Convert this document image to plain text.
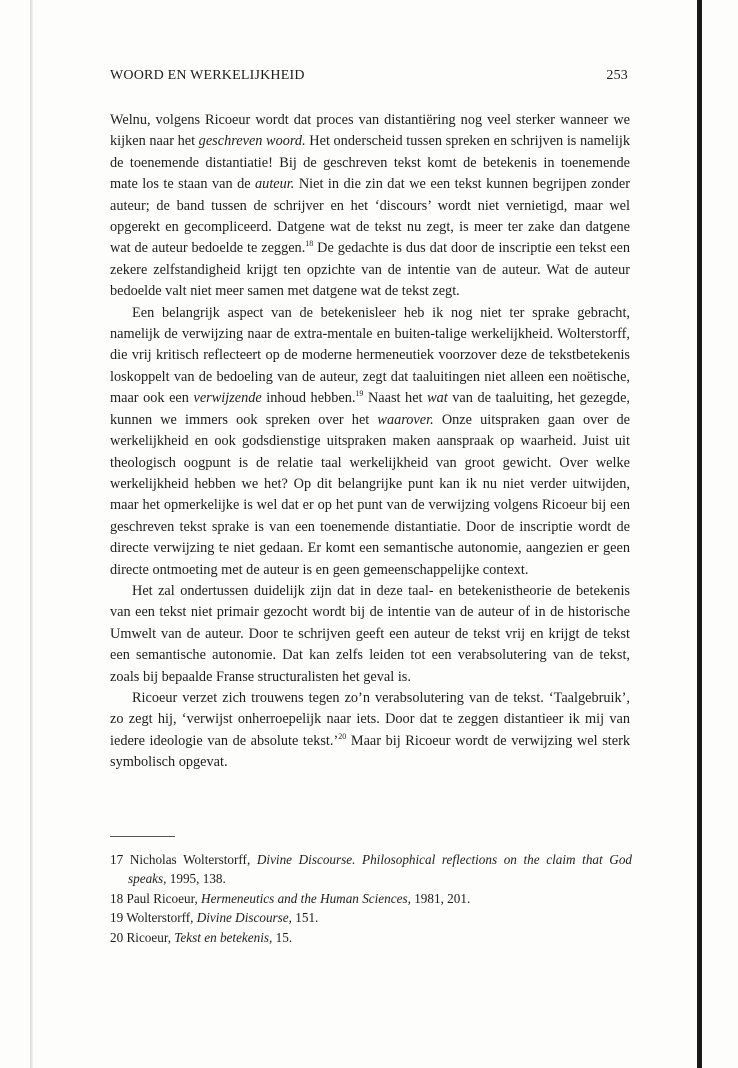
WOORD EN WERKELIJKHEID	253

Welnu, volgens Ricoeur wordt dat proces van distantiëring nog veel sterker wanneer we kijken naar het geschreven woord. Het onderscheid tussen spreken en schrijven is namelijk de toenemende distantiatie! Bij de geschreven tekst komt de betekenis in toenemende mate los te staan van de auteur. Niet in die zin dat we een tekst kunnen begrijpen zonder auteur; de band tussen de schrijver en het ‘discours’ wordt niet vernietigd, maar wel opgerekt en gecompliceerd. Datgene wat de tekst nu zegt, is meer ter zake dan datgene wat de auteur bedoelde te zeggen.$^{18}$ De gedachte is dus dat door de inscriptie een tekst een zekere zelfstandigheid krijgt ten opzichte van de intentie van de auteur. Wat de auteur bedoelde valt niet meer samen met datgene wat de tekst zegt.

Een belangrijk aspect van de betekenisleer heb ik nog niet ter sprake gebracht, namelijk de verwijzing naar de extra-mentale en buiten-talige werkelijkheid. Wolterstorff, die vrij kritisch reflecteert op de moderne hermeneutiek voorzover deze de tekstbetekenis loskoppelt van de bedoeling van de auteur, zegt dat taaluitingen niet alleen een noëtische, maar ook een verwijzende inhoud hebben.$^{19}$ Naast het wat van de taaluiting, het gezegde, kunnen we immers ook spreken over het waarover. Onze uitspraken gaan over de werkelijkheid en ook godsdienstige uitspraken maken aanspraak op waarheid. Juist uit theologisch oogpunt is de relatie taal werkelijkheid van groot gewicht. Over welke werkelijkheid hebben we het? Op dit belangrijke punt kan ik nu niet verder uitwijden, maar het opmerkelijke is wel dat er op het punt van de verwijzing volgens Ricoeur bij een geschreven tekst sprake is van een toenemende distantiatie. Door de inscriptie wordt de directe verwijzing te niet gedaan. Er komt een semantische autonomie, aangezien er geen directe ontmoeting met de auteur is en geen gemeenschappelijke context.

Het zal ondertussen duidelijk zijn dat in deze taal- en betekenistheorie de betekenis van een tekst niet primair gezocht wordt bij de intentie van de auteur of in de historische Umwelt van de auteur. Door te schrijven geeft een auteur de tekst vrij en krijgt de tekst een semantische autonomie. Dat kan zelfs leiden tot een verabsolutering van de tekst, zoals bij bepaalde Franse structuralisten het geval is.

Ricoeur verzet zich trouwens tegen zo’n verabsolutering van de tekst. ‘Taalgebruik’, zo zegt hij, ‘verwijst onherroepelijk naar iets. Door dat te zeggen distantieer ik mij van iedere ideologie van de absolute tekst.’$^{20}$ Maar bij Ricoeur wordt de verwijzing wel sterk symbolisch opgevat.

17 Nicholas Wolterstorff, Divine Discourse. Philosophical reflections on the claim that God speaks, 1995, 138.
18 Paul Ricoeur, Hermeneutics and the Human Sciences, 1981, 201.
19 Wolterstorff, Divine Discourse, 151.
20 Ricoeur, Tekst en betekenis, 15.
